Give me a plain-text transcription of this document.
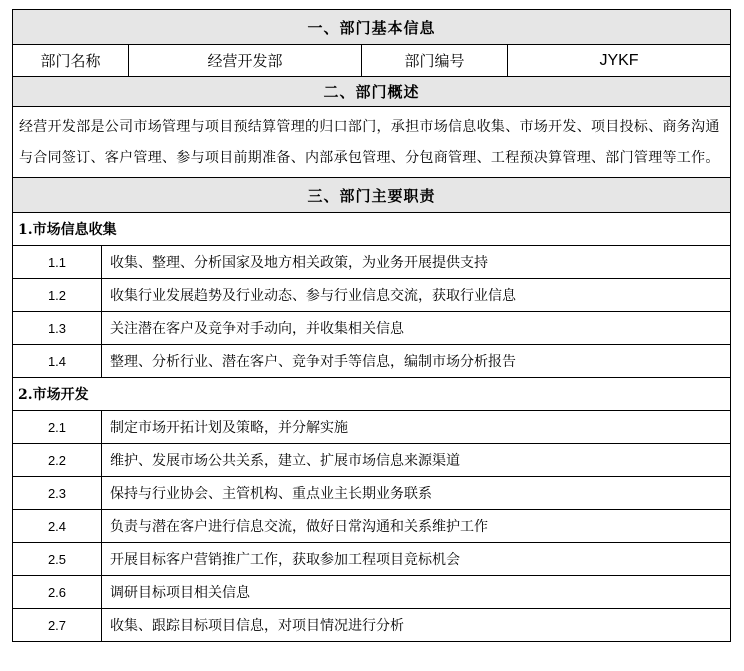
一、部门基本信息				
部门名称		经营开发部	部门编号	JYKF
二、部门概述				
经营开发部是公司市场管理与项目预结算管理的归口部门，承担市场信息收集、市场开发、项目投标、商务沟通与合同签订、客户管理、参与项目前期准备、内部承包管理、分包商管理、工程预决算管理、部门管理等工作。				
三、部门主要职责				
1.市场信息收集				
1.1	收集、整理、分析国家及地方相关政策，为业务开展提供支持			
1.2	收集行业发展趋势及行业动态、参与行业信息交流，获取行业信息			
1.3	关注潜在客户及竞争对手动向，并收集相关信息			
1.4	整理、分析行业、潜在客户、竞争对手等信息，编制市场分析报告			
2.市场开发				
2.1	制定市场开拓计划及策略，并分解实施			
2.2	维护、发展市场公共关系，建立、扩展市场信息来源渠道			
2.3	保持与行业协会、主管机构、重点业主长期业务联系			
2.4	负责与潜在客户进行信息交流，做好日常沟通和关系维护工作			
2.5	开展目标客户营销推广工作，获取参加工程项目竞标机会			
2.6	调研目标项目相关信息			
2.7	收集、跟踪目标项目信息，对项目情况进行分析			
